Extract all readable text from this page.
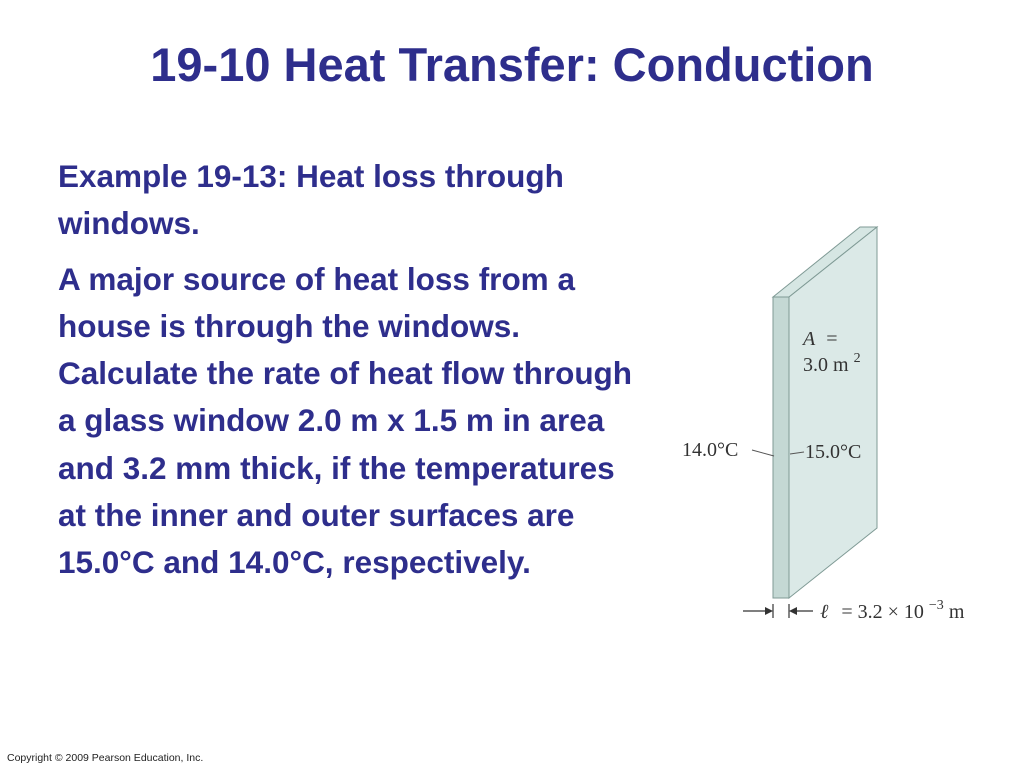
19-10 Heat Transfer: Conduction

Example 19-13: Heat loss through windows.

A major source of heat loss from a house is through the windows. Calculate the rate of heat flow through a glass window 2.0 m x 1.5 m in area and 3.2 mm thick, if the temperatures at the inner and outer surfaces are 15.0°C and 14.0°C, respectively.

A =
3.0 m $^2$
14.0°C	15.0°C
ℓ = 3.2 × 10 $^{-3}$ m
Copyright © 2009 Pearson Education, Inc.
